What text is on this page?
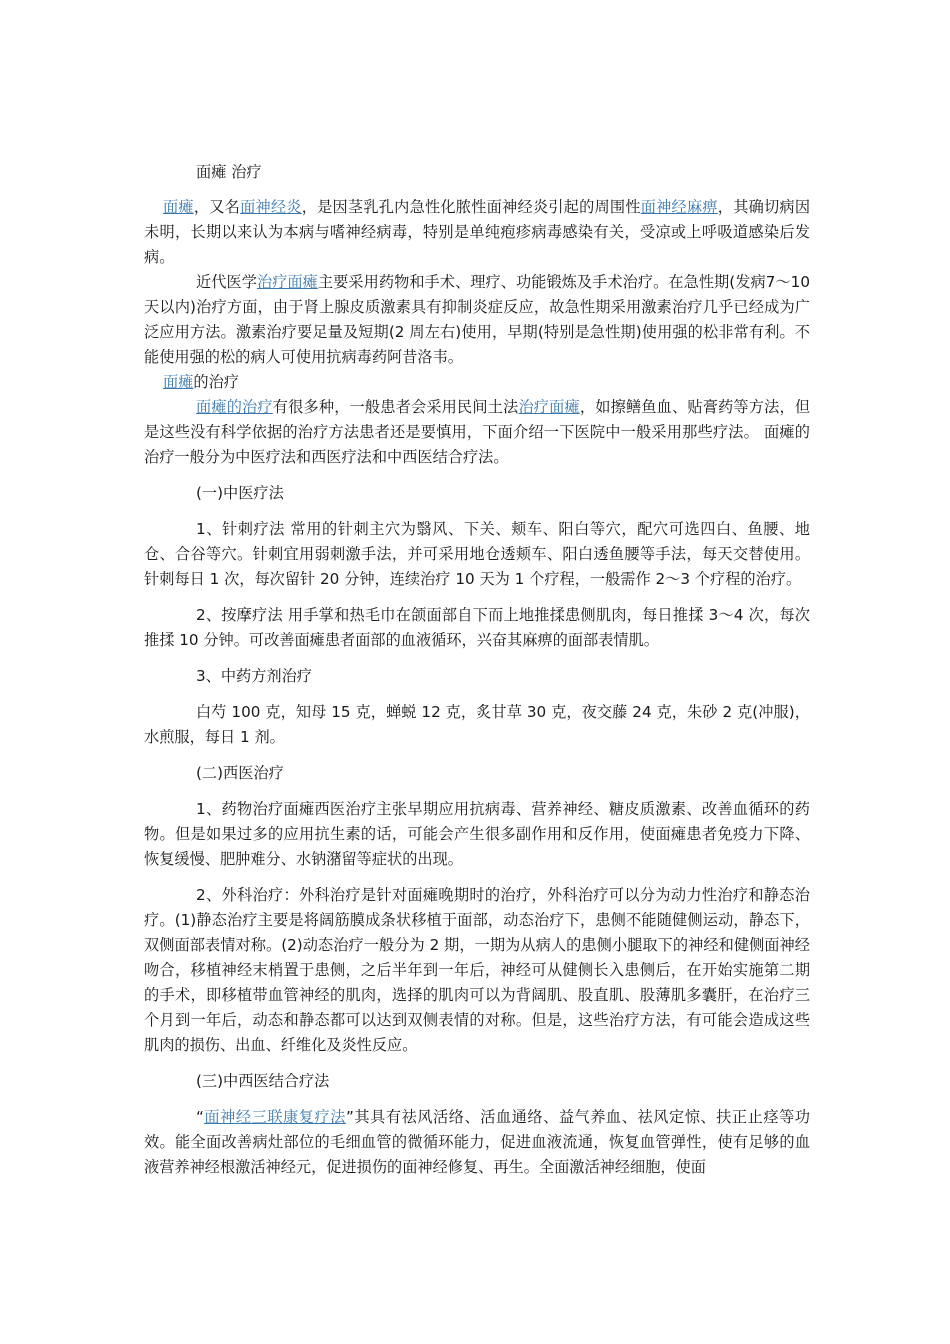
面瘫 治疗

面瘫，又名面神经炎，是因茎乳孔内急性化脓性面神经炎引起的周围性面神经麻痹，其确切病因未明，长期以来认为本病与嗜神经病毒，特别是单纯疱疹病毒感染有关，受凉或上呼吸道感染后发病。

近代医学治疗面瘫主要采用药物和手术、理疗、功能锻炼及手术治疗。在急性期(发病7～10 天以内)治疗方面，由于肾上腺皮质激素具有抑制炎症反应，故急性期采用激素治疗几乎已经成为广泛应用方法。激素治疗要足量及短期(2 周左右)使用，早期(特别是急性期)使用强的松非常有利。不能使用强的松的病人可使用抗病毒药阿昔洛韦。

面瘫的治疗

面瘫的治疗有很多种，一般患者会采用民间土法治疗面瘫，如擦鳝鱼血、贴膏药等方法，但是这些没有科学依据的治疗方法患者还是要慎用，下面介绍一下医院中一般采用那些疗法。 面瘫的治疗一般分为中医疗法和西医疗法和中西医结合疗法。

(一)中医疗法

1、针刺疗法 常用的针刺主穴为翳风、下关、颊车、阳白等穴，配穴可选四白、鱼腰、地仓、合谷等穴。针刺宜用弱刺激手法，并可采用地仓透颊车、阳白透鱼腰等手法，每天交替使用。针刺每日 1 次，每次留针 20 分钟，连续治疗 10 天为 1 个疗程，一般需作 2～3 个疗程的治疗。

2、按摩疗法 用手掌和热毛巾在颌面部自下而上地推揉患侧肌肉，每日推揉 3～4 次，每次推揉 10 分钟。可改善面瘫患者面部的血液循环，兴奋其麻痹的面部表情肌。

3、中药方剂治疗

白芍 100 克，知母 15 克，蝉蜕 12 克，炙甘草 30 克，夜交藤 24 克，朱砂 2 克(冲服)，水煎服，每日 1 剂。

(二)西医治疗

1、药物治疗面瘫西医治疗主张早期应用抗病毒、营养神经、糖皮质激素、改善血循环的药物。但是如果过多的应用抗生素的话，可能会产生很多副作用和反作用，使面瘫患者免疫力下降、恢复缓慢、肥肿难分、水钠潴留等症状的出现。

2、外科治疗：外科治疗是针对面瘫晚期时的治疗，外科治疗可以分为动力性治疗和静态治疗。(1)静态治疗主要是将阔筋膜成条状移植于面部，动态治疗下，患侧不能随健侧运动，静态下，双侧面部表情对称。(2)动态治疗一般分为 2 期，一期为从病人的患侧小腿取下的神经和健侧面神经吻合，移植神经末梢置于患侧，之后半年到一年后，神经可从健侧长入患侧后，在开始实施第二期的手术，即移植带血管神经的肌肉，选择的肌肉可以为背阔肌、股直肌、股薄肌多囊肝，在治疗三个月到一年后，动态和静态都可以达到双侧表情的对称。但是，这些治疗方法，有可能会造成这些肌肉的损伤、出血、纤维化及炎性反应。

(三)中西医结合疗法

“面神经三联康复疗法”其具有祛风活络、活血通络、益气养血、祛风定惊、扶正止痉等功效。能全面改善病灶部位的毛细血管的微循环能力，促进血液流通，恢复血管弹性，使有足够的血液营养神经根激活神经元，促进损伤的面神经修复、再生。全面激活神经细胞，使面
